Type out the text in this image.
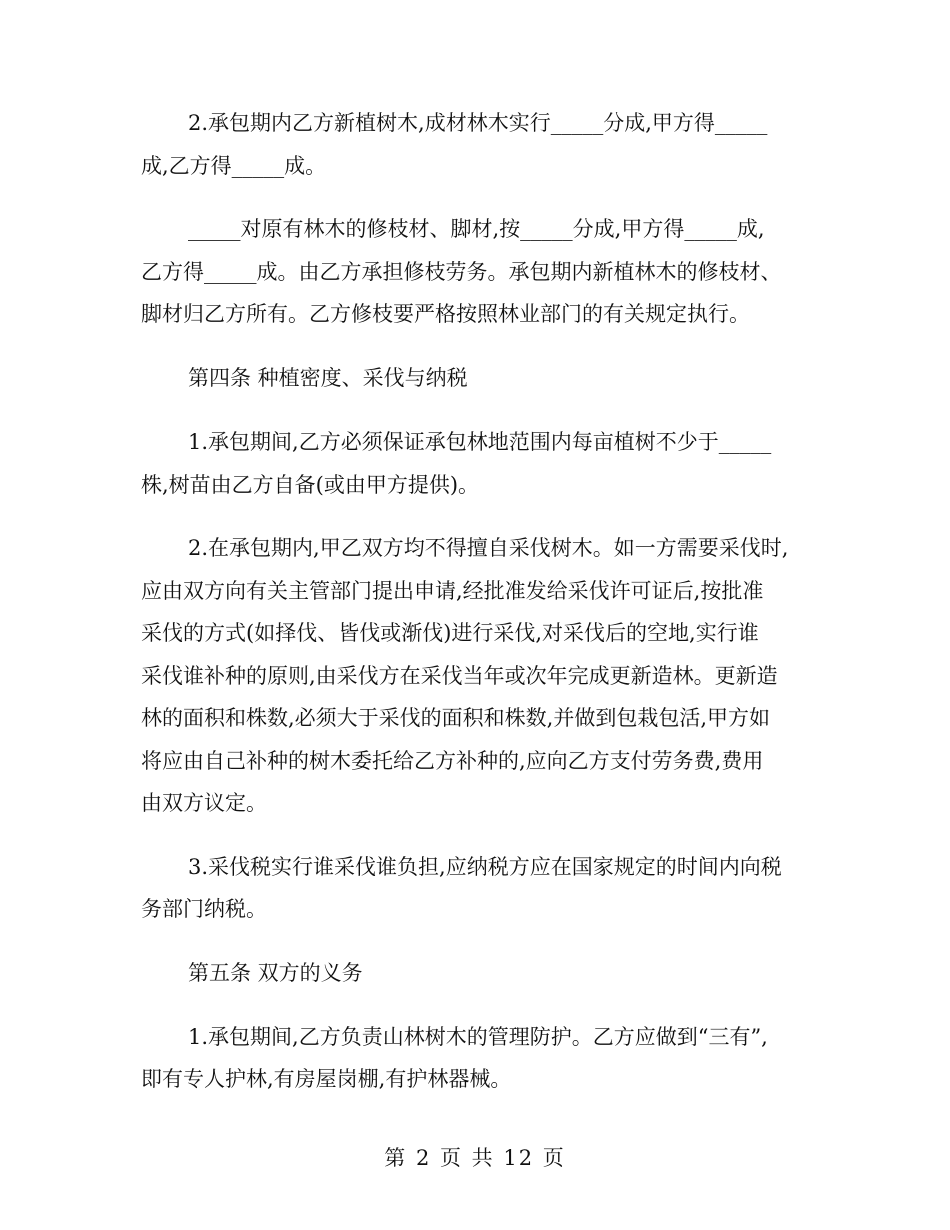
2.承包期内乙方新植树木,成材林木实行_____分成,甲方得_____
成,乙方得_____成。
_____对原有林木的修枝材、脚材,按_____分成,甲方得_____成,
乙方得_____成。由乙方承担修枝劳务。承包期内新植林木的修枝材、
脚材归乙方所有。乙方修枝要严格按照林业部门的有关规定执行。
第四条 种植密度、采伐与纳税
1.承包期间,乙方必须保证承包林地范围内每亩植树不少于_____
株,树苗由乙方自备(或由甲方提供)。
2.在承包期内,甲乙双方均不得擅自采伐树木。如一方需要采伐时,
应由双方向有关主管部门提出申请,经批准发给采伐许可证后,按批准
采伐的方式(如择伐、皆伐或渐伐)进行采伐,对采伐后的空地,实行谁
采伐谁补种的原则,由采伐方在采伐当年或次年完成更新造林。更新造
林的面积和株数,必须大于采伐的面积和株数,并做到包栽包活,甲方如
将应由自己补种的树木委托给乙方补种的,应向乙方支付劳务费,费用
由双方议定。
3.采伐税实行谁采伐谁负担,应纳税方应在国家规定的时间内向税
务部门纳税。
第五条 双方的义务
1.承包期间,乙方负责山林树木的管理防护。乙方应做到“三有”,
即有专人护林,有房屋岗棚,有护林器械。
第 2 页 共 12 页
